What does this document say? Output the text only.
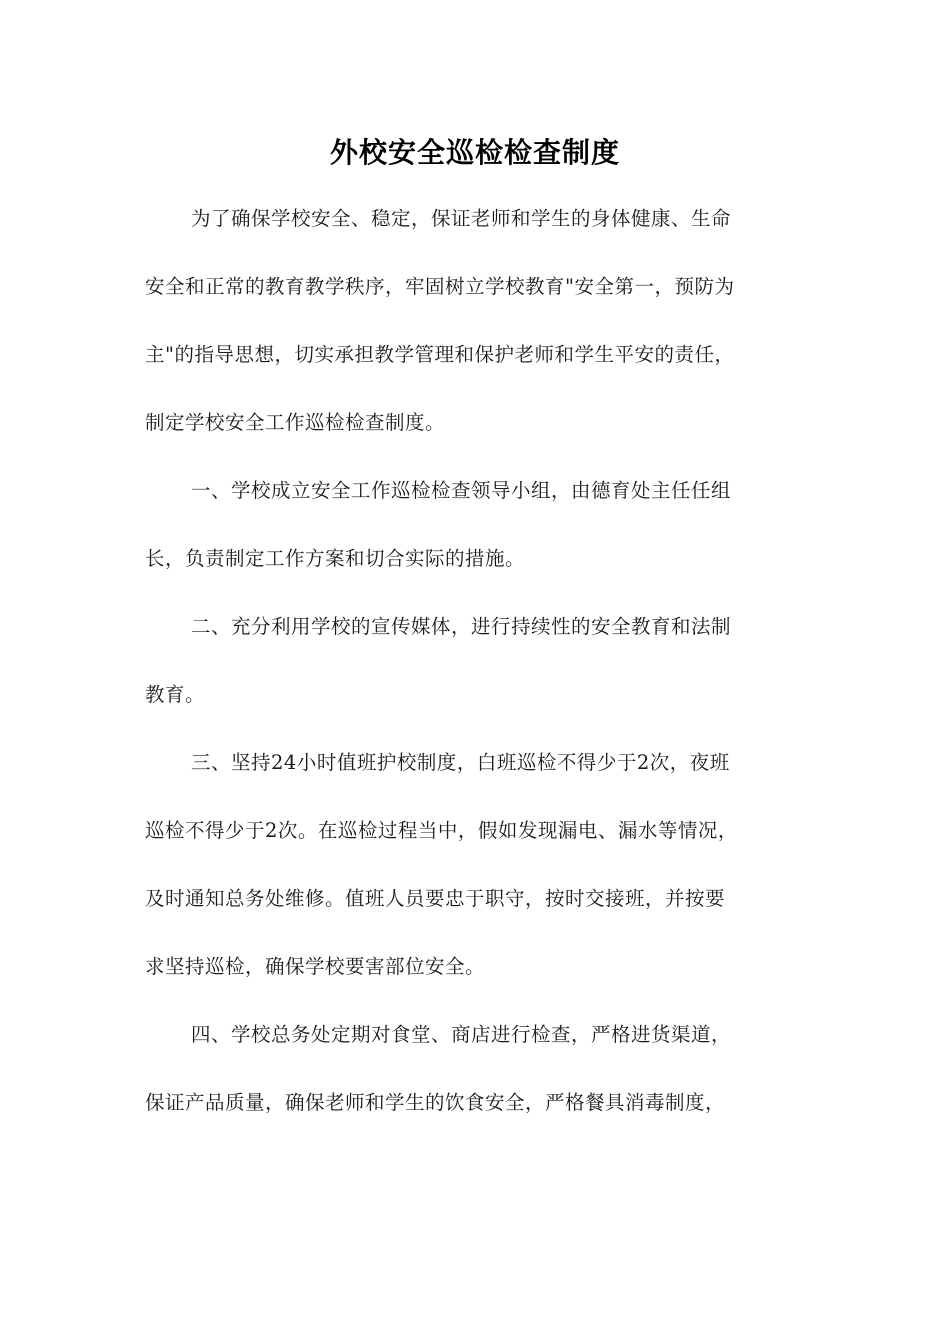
外校安全巡检检查制度

为了确保学校安全、稳定，保证老师和学生的身体健康、生命
安全和正常的教育教学秩序，牢固树立学校教育"安全第一，预防为
主"的指导思想，切实承担教学管理和保护老师和学生平安的责任，
制定学校安全工作巡检检查制度。

一、学校成立安全工作巡检检查领导小组，由德育处主任任组
长，负责制定工作方案和切合实际的措施。

二、充分利用学校的宣传媒体，进行持续性的安全教育和法制
教育。

三、坚持24小时值班护校制度，白班巡检不得少于2次，夜班
巡检不得少于2次。在巡检过程当中，假如发现漏电、漏水等情况，
及时通知总务处维修。值班人员要忠于职守，按时交接班，并按要
求坚持巡检，确保学校要害部位安全。

四、学校总务处定期对食堂、商店进行检查，严格进货渠道，
保证产品质量，确保老师和学生的饮食安全，严格餐具消毒制度，
